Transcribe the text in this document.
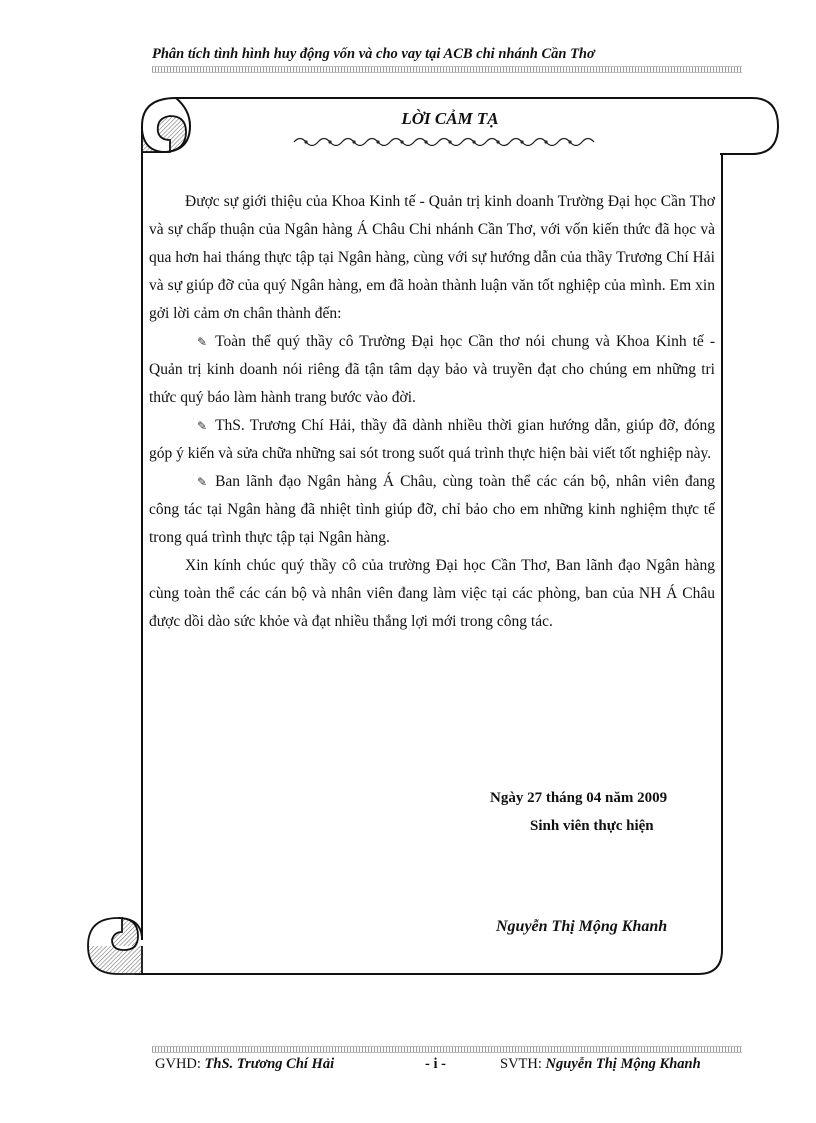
Phân tích tình hình huy động vốn và cho vay tại ACB chi nhánh Cần Thơ
LỜI CẢM TẠ

Được sự giới thiệu của Khoa Kinh tế - Quản trị kinh doanh Trường Đại học Cần Thơ và sự chấp thuận của Ngân hàng Á Châu Chi nhánh Cần Thơ, với vốn kiến thức đã học và qua hơn hai tháng thực tập tại Ngân hàng, cùng với sự hướng dẫn của thầy Trương Chí Hải và sự giúp đỡ của quý Ngân hàng, em đã hoàn thành luận văn tốt nghiệp của mình. Em xin gởi lời cảm ơn chân thành đến:

✎ Toàn thể quý thầy cô Trường Đại học Cần thơ nói chung và Khoa Kinh tế - Quản trị kinh doanh nói riêng đã tận tâm dạy bảo và truyền đạt cho chúng em những tri thức quý báo làm hành trang bước vào đời.

✎ ThS. Trương Chí Hải, thầy đã dành nhiều thời gian hướng dẫn, giúp đỡ, đóng góp ý kiến và sửa chữa những sai sót trong suốt quá trình thực hiện bài viết tốt nghiệp này.

✎ Ban lãnh đạo Ngân hàng Á Châu, cùng toàn thể các cán bộ, nhân viên đang công tác tại Ngân hàng đã nhiệt tình giúp đỡ, chỉ bảo cho em những kinh nghiệm thực tế trong quá trình thực tập tại Ngân hàng.

Xin kính chúc quý thầy cô của trường Đại học Cần Thơ, Ban lãnh đạo Ngân hàng cùng toàn thể các cán bộ và nhân viên đang làm việc tại các phòng, ban của NH Á Châu được dồi dào sức khỏe và đạt nhiều thắng lợi mới trong công tác.

Ngày 27 tháng 04 năm 2009
Sinh viên thực hiện
Nguyễn Thị Mộng Khanh
GVHD: ThS. Trương Chí Hải	- i -	SVTH: Nguyễn Thị Mộng Khanh
